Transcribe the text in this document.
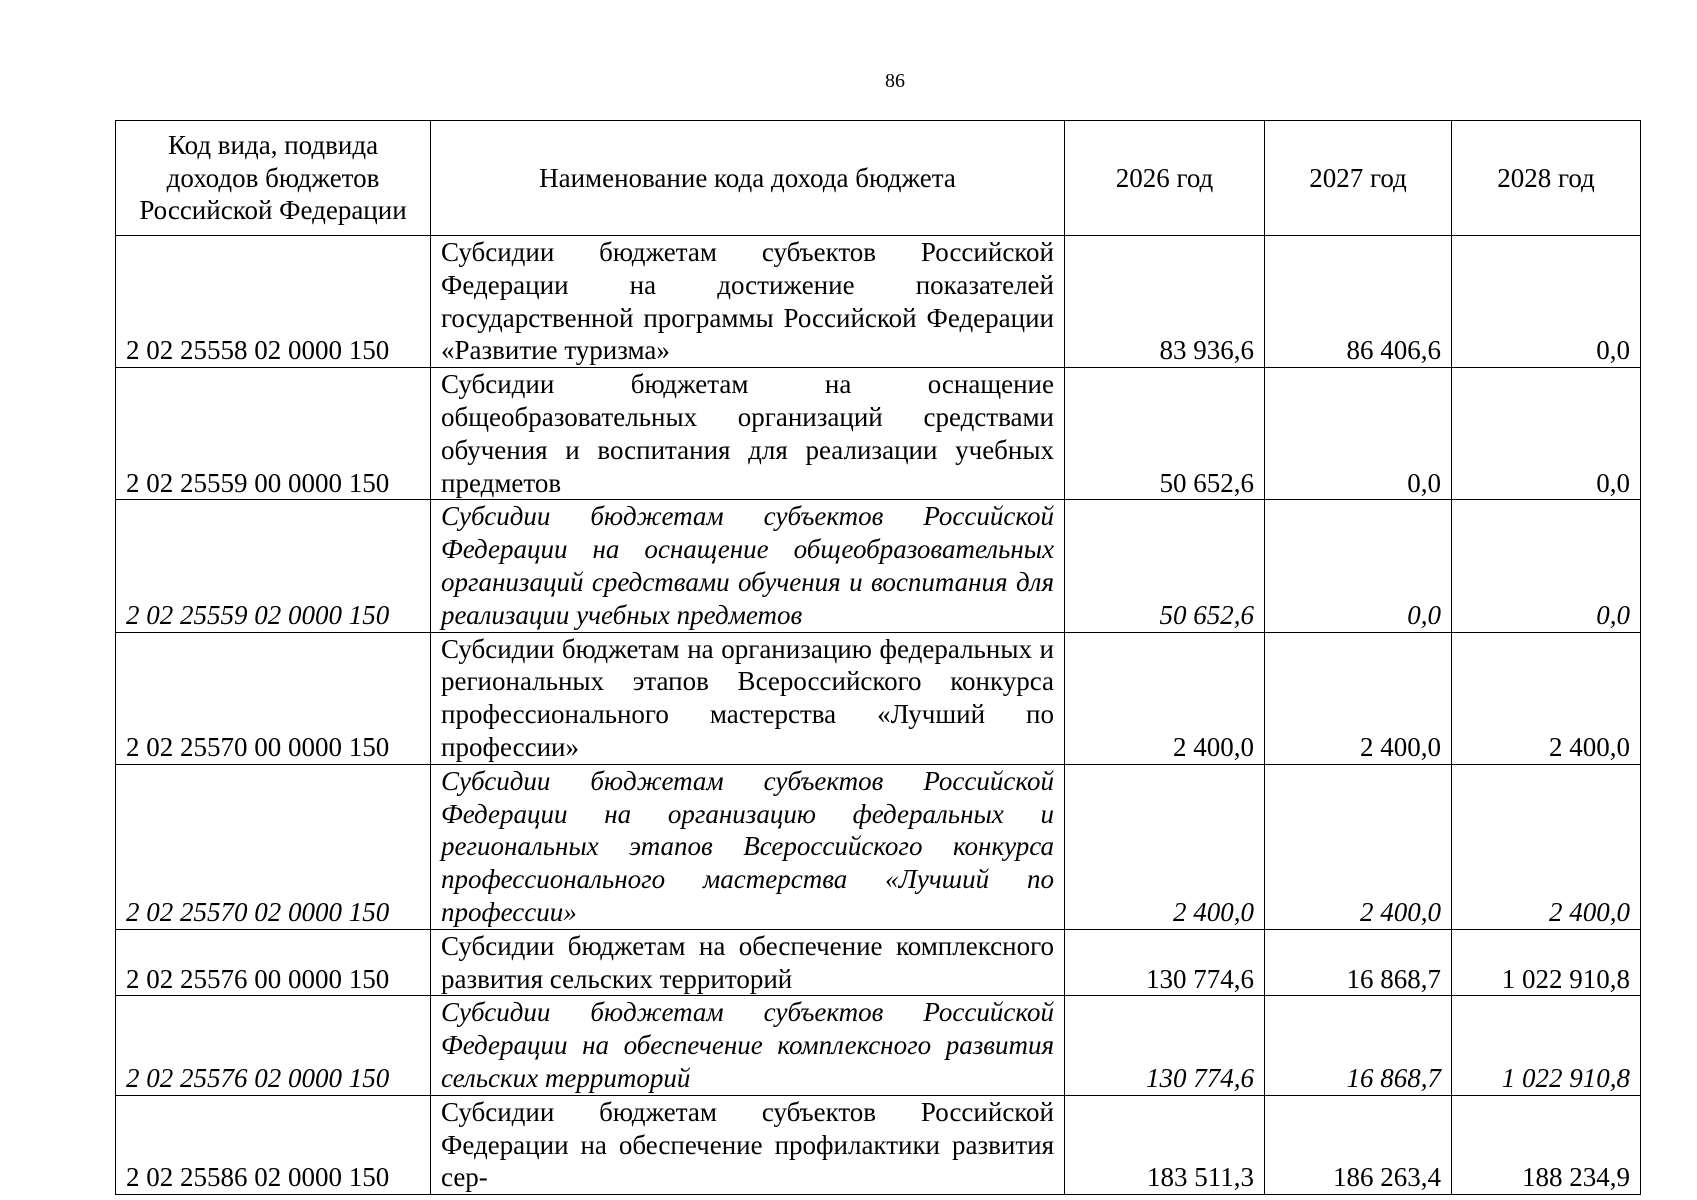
86
Код вида, подвида доходов бюджетов Российской Федерации	Наименование кода дохода бюджета	2026 год	2027 год	2028 год
2 02 25558 02 0000 150	Субсидии бюджетам субъектов Российской Федерации на достижение показателей государственной программы Российской Федерации «Развитие туризма»	83 936,6	86 406,6	0,0
2 02 25559 00 0000 150	Субсидии бюджетам на оснащение общеобразовательных организаций средствами обучения и воспитания для реализации учебных предметов	50 652,6	0,0	0,0
2 02 25559 02 0000 150	Субсидии бюджетам субъектов Российской Федерации на оснащение общеобразовательных организаций средствами обучения и воспитания для реализации учебных предметов	50 652,6	0,0	0,0
2 02 25570 00 0000 150	Субсидии бюджетам на организацию федеральных и региональных этапов Всероссийского конкурса профессионального мастерства «Лучший по профессии»	2 400,0	2 400,0	2 400,0
2 02 25570 02 0000 150	Субсидии бюджетам субъектов Российской Федерации на организацию федеральных и региональных этапов Всероссийского конкурса профессионального мастерства «Лучший по профессии»	2 400,0	2 400,0	2 400,0
2 02 25576 00 0000 150	Субсидии бюджетам на обеспечение комплексного развития сельских территорий	130 774,6	16 868,7	1 022 910,8
2 02 25576 02 0000 150	Субсидии бюджетам субъектов Российской Федерации на обеспечение комплексного развития сельских территорий	130 774,6	16 868,7	1 022 910,8
2 02 25586 02 0000 150	Субсидии бюджетам субъектов Российской Федерации на обеспечение профилактики развития сер-	183 511,3	186 263,4	188 234,9
